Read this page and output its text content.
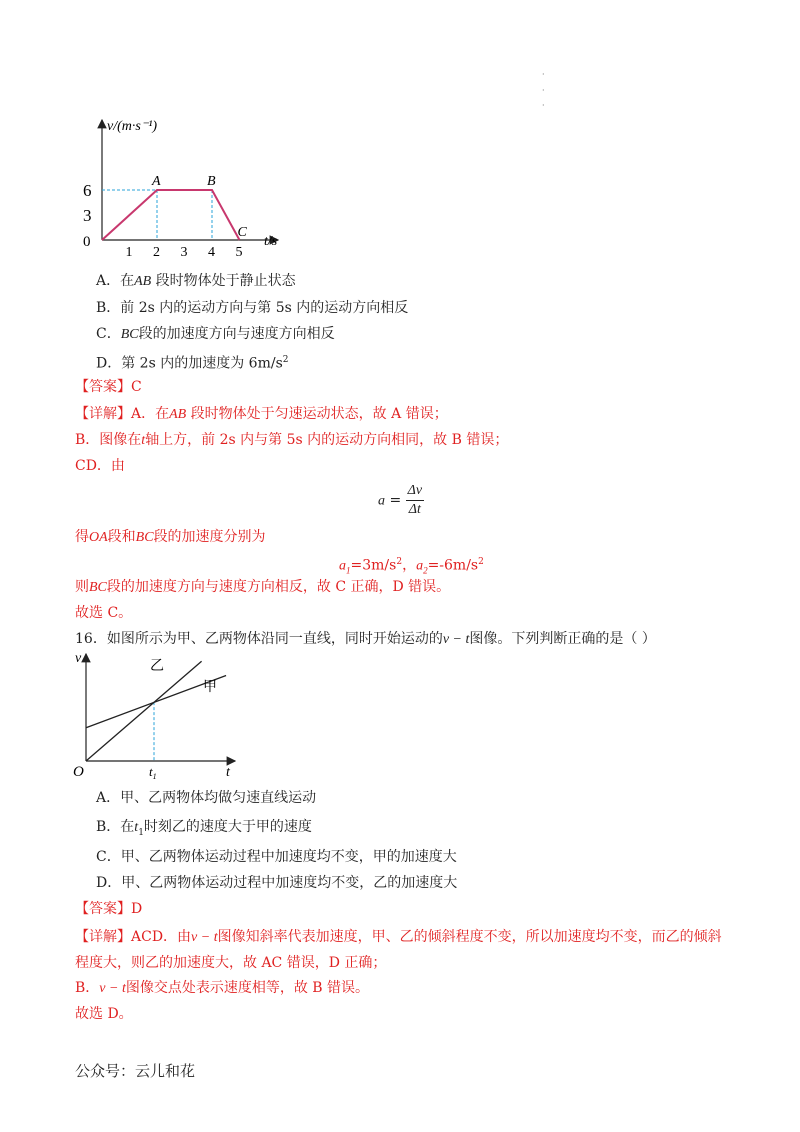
·
·
·
1 2 3 4 5
3
6	A	B
C
0
v/(m·s⁻¹)
t/s
A．在AB 段时物体处于静止状态
B．前 2s 内的运动方向与第 5s 内的运动方向相反
C．BC段的加速度方向与速度方向相反
D．第 2s 内的加速度为 $6m/s^2$
【答案】C
【详解】A．在AB 段时物体处于匀速运动状态，故 A 错误；
B．图像在t轴上方，前 2s 内与第 5s 内的运动方向相同，故 B 错误；
CD．由
$a = \frac{\Delta v}{\Delta t}$
得OA段和BC段的加速度分别为
$a_1=3m/s^2$，$a_2=-6m/s^2$
则BC段的加速度方向与速度方向相反，故 C 正确，D 错误。
故选 C。
16．如图所示为甲、乙两物体沿同一直线，同时开始运动的v − t图像。下列判断正确的是（ ）
甲
乙
O
v
t
$t_1$
A．甲、乙两物体均做匀速直线运动
B．在$t_1$时刻乙的速度大于甲的速度
C．甲、乙两物体运动过程中加速度均不变，甲的加速度大
D．甲、乙两物体运动过程中加速度均不变，乙的加速度大
【答案】D
【详解】ACD．由v − t图像知斜率代表加速度，甲、乙的倾斜程度不变，所以加速度均不变，而乙的倾斜
程度大，则乙的加速度大，故 AC 错误，D 正确；
B．v − t图像交点处表示速度相等，故 B 错误。
故选 D。
公众号：云儿和花
